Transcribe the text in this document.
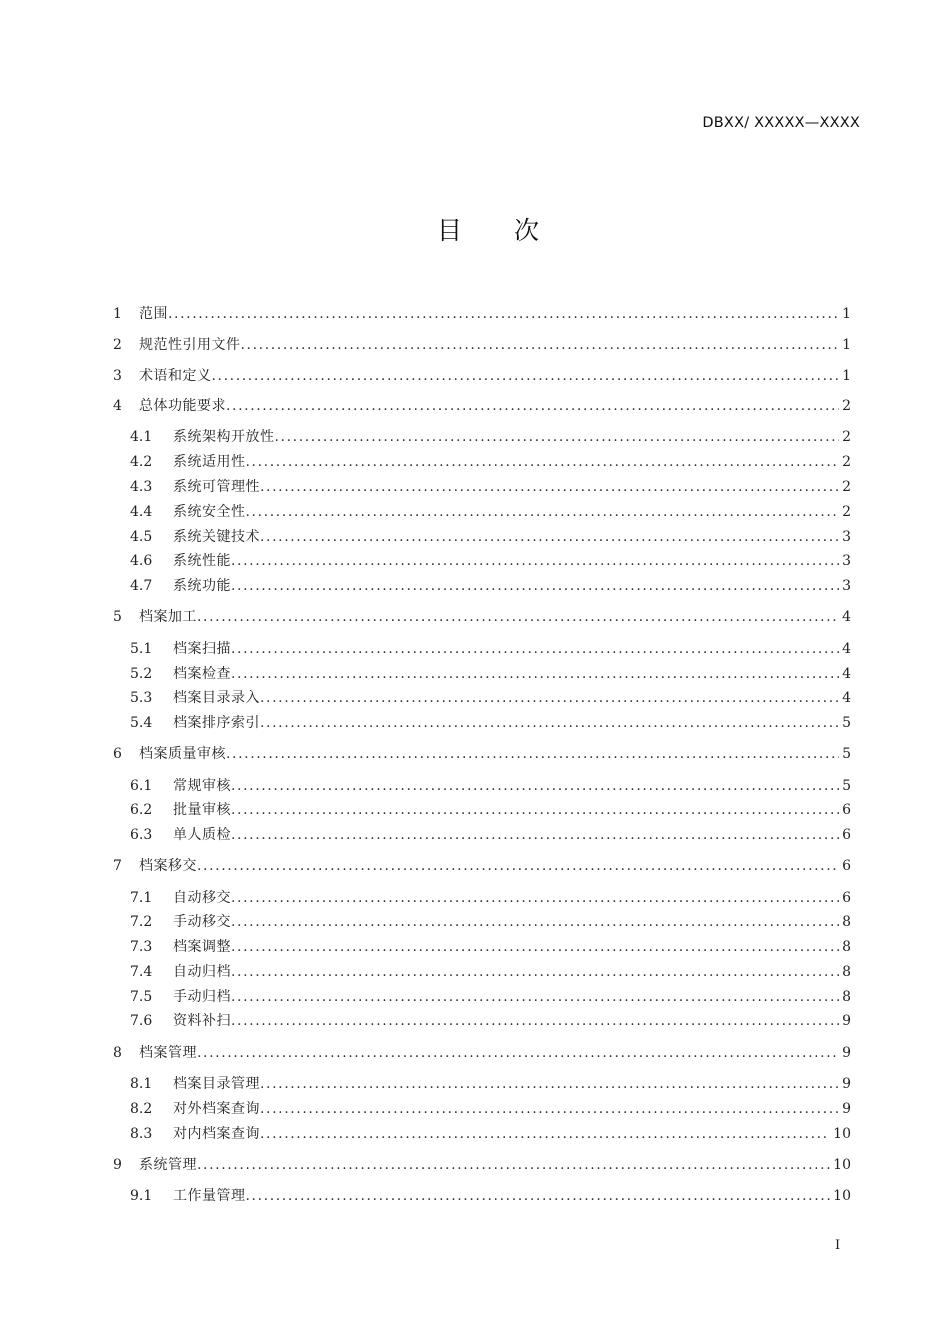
DBXX/ XXXXX—XXXX
目 次
1 范围 .....	1
2 规范性引用文件 .....	1
3 术语和定义 .....	1
4 总体功能要求 .....	2
4.1 系统架构开放性 .....	2
4.2 系统适用性 .....	2
4.3 系统可管理性 .....	2
4.4 系统安全性 .....	2
4.5 系统关键技术 .....	3
4.6 系统性能 .....	3
4.7 系统功能 .....	3
5 档案加工 .....	4
5.1 档案扫描 .....	4
5.2 档案检查 .....	4
5.3 档案目录录入 .....	4
5.4 档案排序索引 .....	5
6 档案质量审核 .....	5
6.1 常规审核 .....	5
6.2 批量审核 .....	6
6.3 单人质检 .....	6
7 档案移交 .....	6
7.1 自动移交 .....	6
7.2 手动移交 .....	8
7.3 档案调整 .....	8
7.4 自动归档 .....	8
7.5 手动归档 .....	8
7.6 资料补扫 .....	9
8 档案管理 .....	9
8.1 档案目录管理 .....	9
8.2 对外档案查询 .....	9
8.3 对内档案查询 .....	10
9 系统管理 .....	10
9.1 工作量管理 .....	10
I
